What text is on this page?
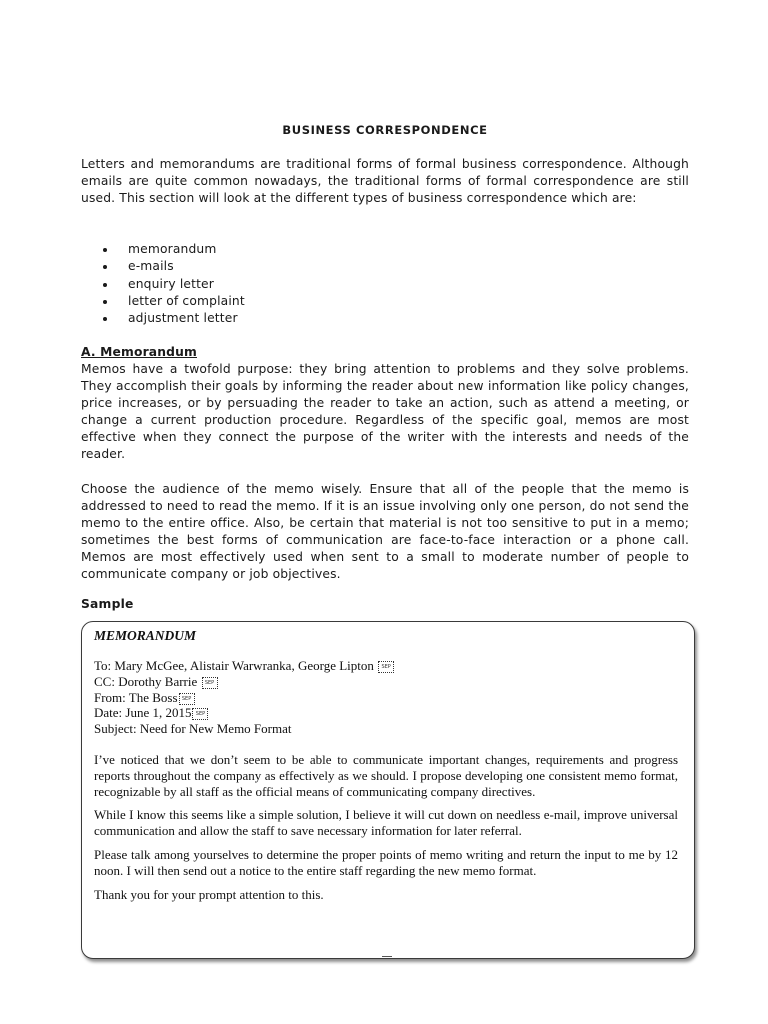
BUSINESS CORRESPONDENCE

Letters and memorandums are traditional forms of formal business correspondence. Although emails are quite common nowadays, the traditional forms of formal correspondence are still used. This section will look at the different types of business correspondence which are:

memorandum
e-mails
enquiry letter
letter of complaint
adjustment letter
A. Memorandum

Memos have a twofold purpose: they bring attention to problems and they solve problems. They accomplish their goals by informing the reader about new information like policy changes, price increases, or by persuading the reader to take an action, such as attend a meeting, or change a current production procedure. Regardless of the specific goal, memos are most effective when they connect the purpose of the writer with the interests and needs of the reader.

Choose the audience of the memo wisely. Ensure that all of the people that the memo is addressed to need to read the memo. If it is an issue involving only one person, do not send the memo to the entire office. Also, be certain that material is not too sensitive to put in a memo; sometimes the best forms of communication are face-to-face interaction or a phone call. Memos are most effectively used when sent to a small to moderate number of people to communicate company or job objectives.

Sample

MEMORANDUM

To: Mary McGee, Alistair Warwranka, George Lipton SEP

CC: Dorothy Barrie SEP

From: The Boss SEP

Date: June 1, 2015 SEP

Subject: Need for New Memo Format

I’ve noticed that we don’t seem to be able to communicate important changes, requirements and progress reports throughout the company as effectively as we should. I propose developing one consistent memo format, recognizable by all staff as the official means of communicating company directives.

While I know this seems like a simple solution, I believe it will cut down on needless e-mail, improve universal communication and allow the staff to save necessary information for later referral.

Please talk among yourselves to determine the proper points of memo writing and return the input to me by 12 noon. I will then send out a notice to the entire staff regarding the new memo format.

Thank you for your prompt attention to this.
